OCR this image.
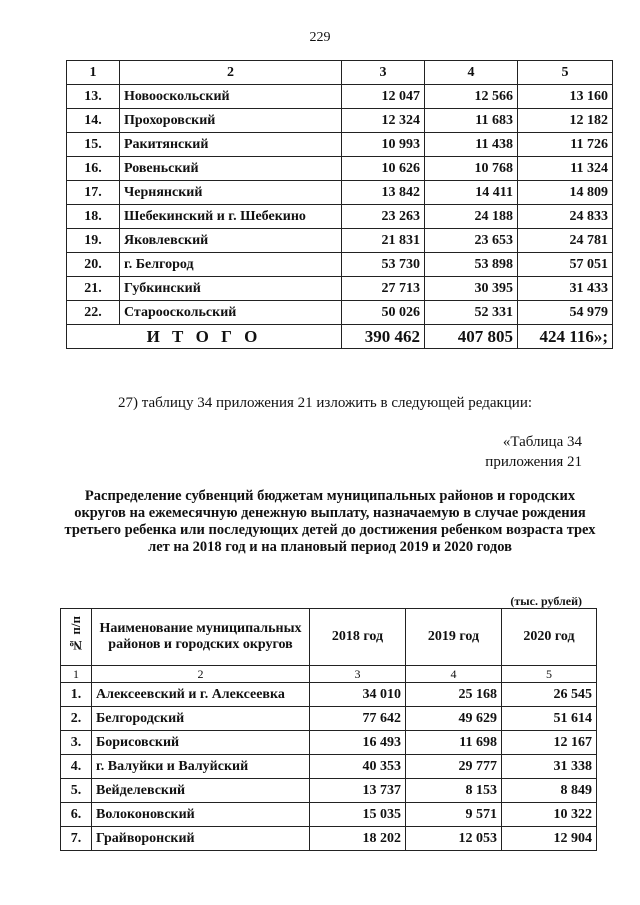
229
1	2	3	4	5
13.	Новооскольский	12 047	12 566	13 160
14.	Прохоровский	12 324	11 683	12 182
15.	Ракитянский	10 993	11 438	11 726
16.	Ровеньский	10 626	10 768	11 324
17.	Чернянский	13 842	14 411	14 809
18.	Шебекинский и г. Шебекино	23 263	24 188	24 833
19.	Яковлевский	21 831	23 653	24 781
20.	г. Белгород	53 730	53 898	57 051
21.	Губкинский	27 713	30 395	31 433
22.	Старооскольский	50 026	52 331	54 979
И Т О Г О		390 462	407 805	424 116»;
27) таблицу 34 приложения 21 изложить в следующей редакции:
«Таблица 34
приложения 21
Распределение субвенций бюджетам муниципальных районов и городских округов на ежемесячную денежную выплату, назначаемую в случае рождения третьего ребенка или последующих детей до достижения ребенком возраста трех лет на 2018 год и на плановый период 2019 и 2020 годов
(тыс. рублей)
№ п/п	Наименование муниципальных районов и городских округов	2018 год	2019 год	2020 год
1	2	3	4	5
1.	Алексеевский и г. Алексеевка	34 010	25 168	26 545
2.	Белгородский	77 642	49 629	51 614
3.	Борисовский	16 493	11 698	12 167
4.	г. Валуйки и Валуйский	40 353	29 777	31 338
5.	Вейделевский	13 737	8 153	8 849
6.	Волоконовский	15 035	9 571	10 322
7.	Грайворонский	18 202	12 053	12 904
